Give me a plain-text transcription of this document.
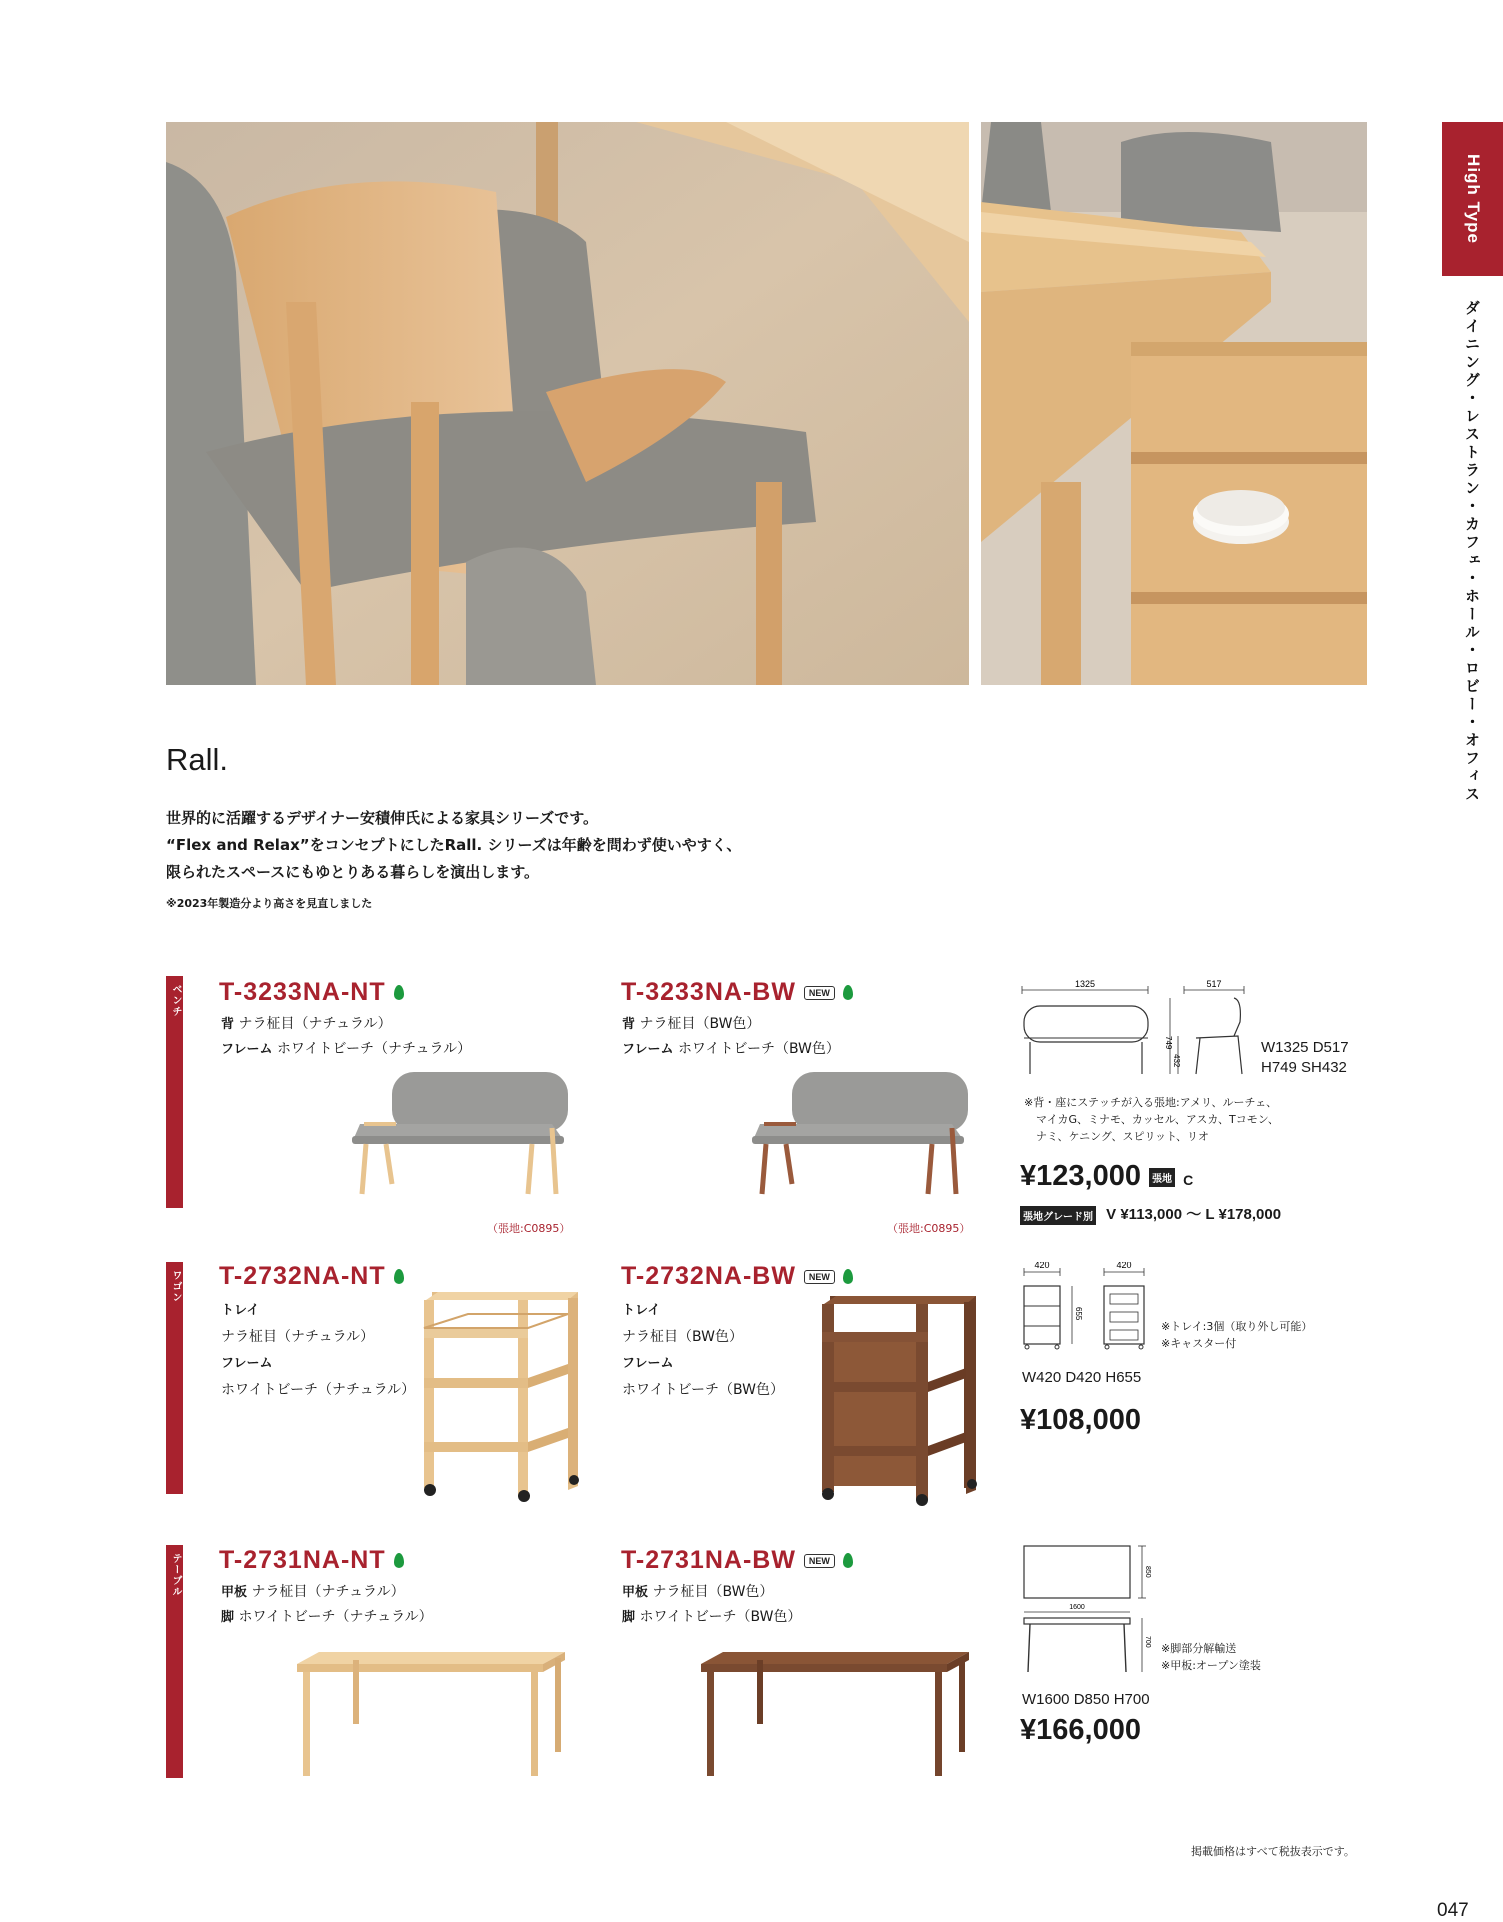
High Type
ダイニング・レストラン・カフェ・ホール・ロビー・オフィス
Rall.

世界的に活躍するデザイナー安積伸氏による家具シリーズです。

“Flex and Relax”をコンセプトにしたRall. シリーズは年齢を問わず使いやすく、

限られたスペースにもゆとりある暮らしを演出します。

※2023年製造分より高さを見直しました

ベンチ T-3233NA-NT
背 ナラ柾目（ナチュラル）
フレーム ホワイトビーチ（ナチュラル）
（張地:C0895）
T-3233NA-BW	NEW
背 ナラ柾目（BW色）
フレーム ホワイトビーチ（BW色）
（張地:C0895）
1325	517
749
432
W1325 D517
H749 SH432
※背・座にステッチが入る張地:アメリ、ルーチェ、
マイカG、ミナモ、カッセル、アスカ、Tコモン、
ナミ、ケニング、スピリット、リオ
¥123,000 張地 C
張地グレード別 V ¥113,000 〜 L ¥178,000
ワゴン T-2732NA-NT
トレイ
ナラ柾目（ナチュラル）
フレーム
ホワイトビーチ（ナチュラル）
T-2732NA-BW	NEW
トレイ
ナラ柾目（BW色）
フレーム
ホワイトビーチ（BW色）
420
655
420
※トレイ:3個（取り外し可能）
※キャスター付
W420 D420 H655
¥108,000
テーブル T-2731NA-NT
甲板 ナラ柾目（ナチュラル）
脚 ホワイトビーチ（ナチュラル）
T-2731NA-BW	NEW
甲板 ナラ柾目（BW色）
脚 ホワイトビーチ（BW色）
850
1600
700
※脚部分解輸送
※甲板:オープン塗装
W1600 D850 H700
¥166,000
掲載価格はすべて税抜表示です。
047
